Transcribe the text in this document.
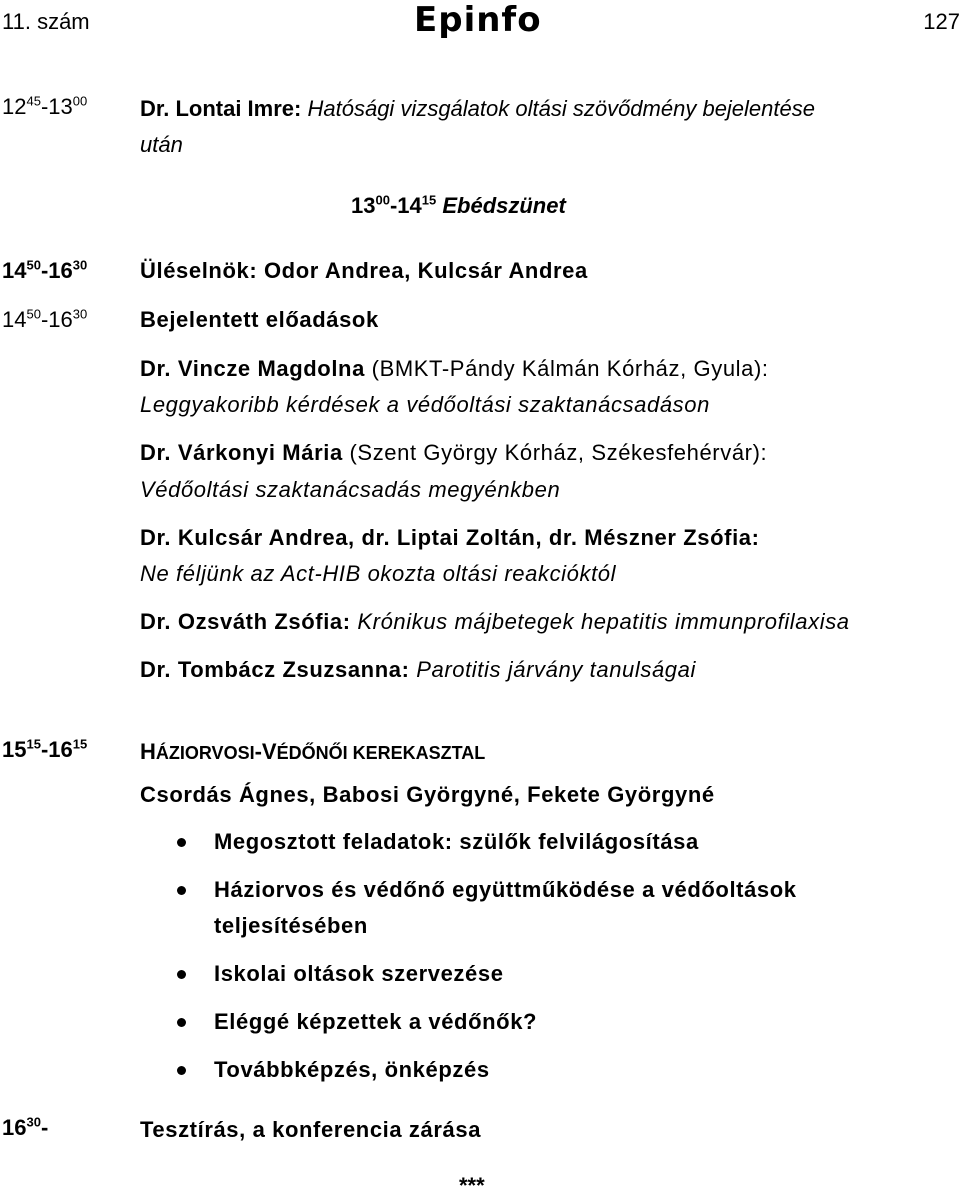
11. szám	Epinfo	127
$12^{45}-13^{00}$ Dr. Lontai Imre: Hatósági vizsgálatok oltási szövődmény bejelentése
után
$13^{00}-14^{15}$ Ebédszünet
$14^{50}-16^{30}$ Üléselnök: Odor Andrea, Kulcsár Andrea
$14^{50}-16^{30}$ Bejelentett előadások
Dr. Vincze Magdolna (BMKT-Pándy Kálmán Kórház, Gyula):
Leggyakoribb kérdések a védőoltási szaktanácsadáson
Dr. Várkonyi Mária (Szent György Kórház, Székesfehérvár):
Védőoltási szaktanácsadás megyénkben
Dr. Kulcsár Andrea, dr. Liptai Zoltán, dr. Mészner Zsófia:
Ne féljünk az Act-HIB okozta oltási reakcióktól
Dr. Ozsváth Zsófia: Krónikus májbetegek hepatitis immunprofilaxisa
Dr. Tombácz Zsuzsanna: Parotitis járvány tanulságai
$15^{15}-16^{15}$ HÁZIORVOSI-VÉDŐNŐI KEREKASZTAL
Csordás Ágnes, Babosi Györgyné, Fekete Györgyné
Megosztott feladatok: szülők felvilágosítása
Háziorvos és védőnő együttműködése a védőoltások
teljesítésében
Iskolai oltások szervezése
Eléggé képzettek a védőnők?
Továbbképzés, önképzés
$16^{30}-$	Tesztírás, a konferencia zárása
***
